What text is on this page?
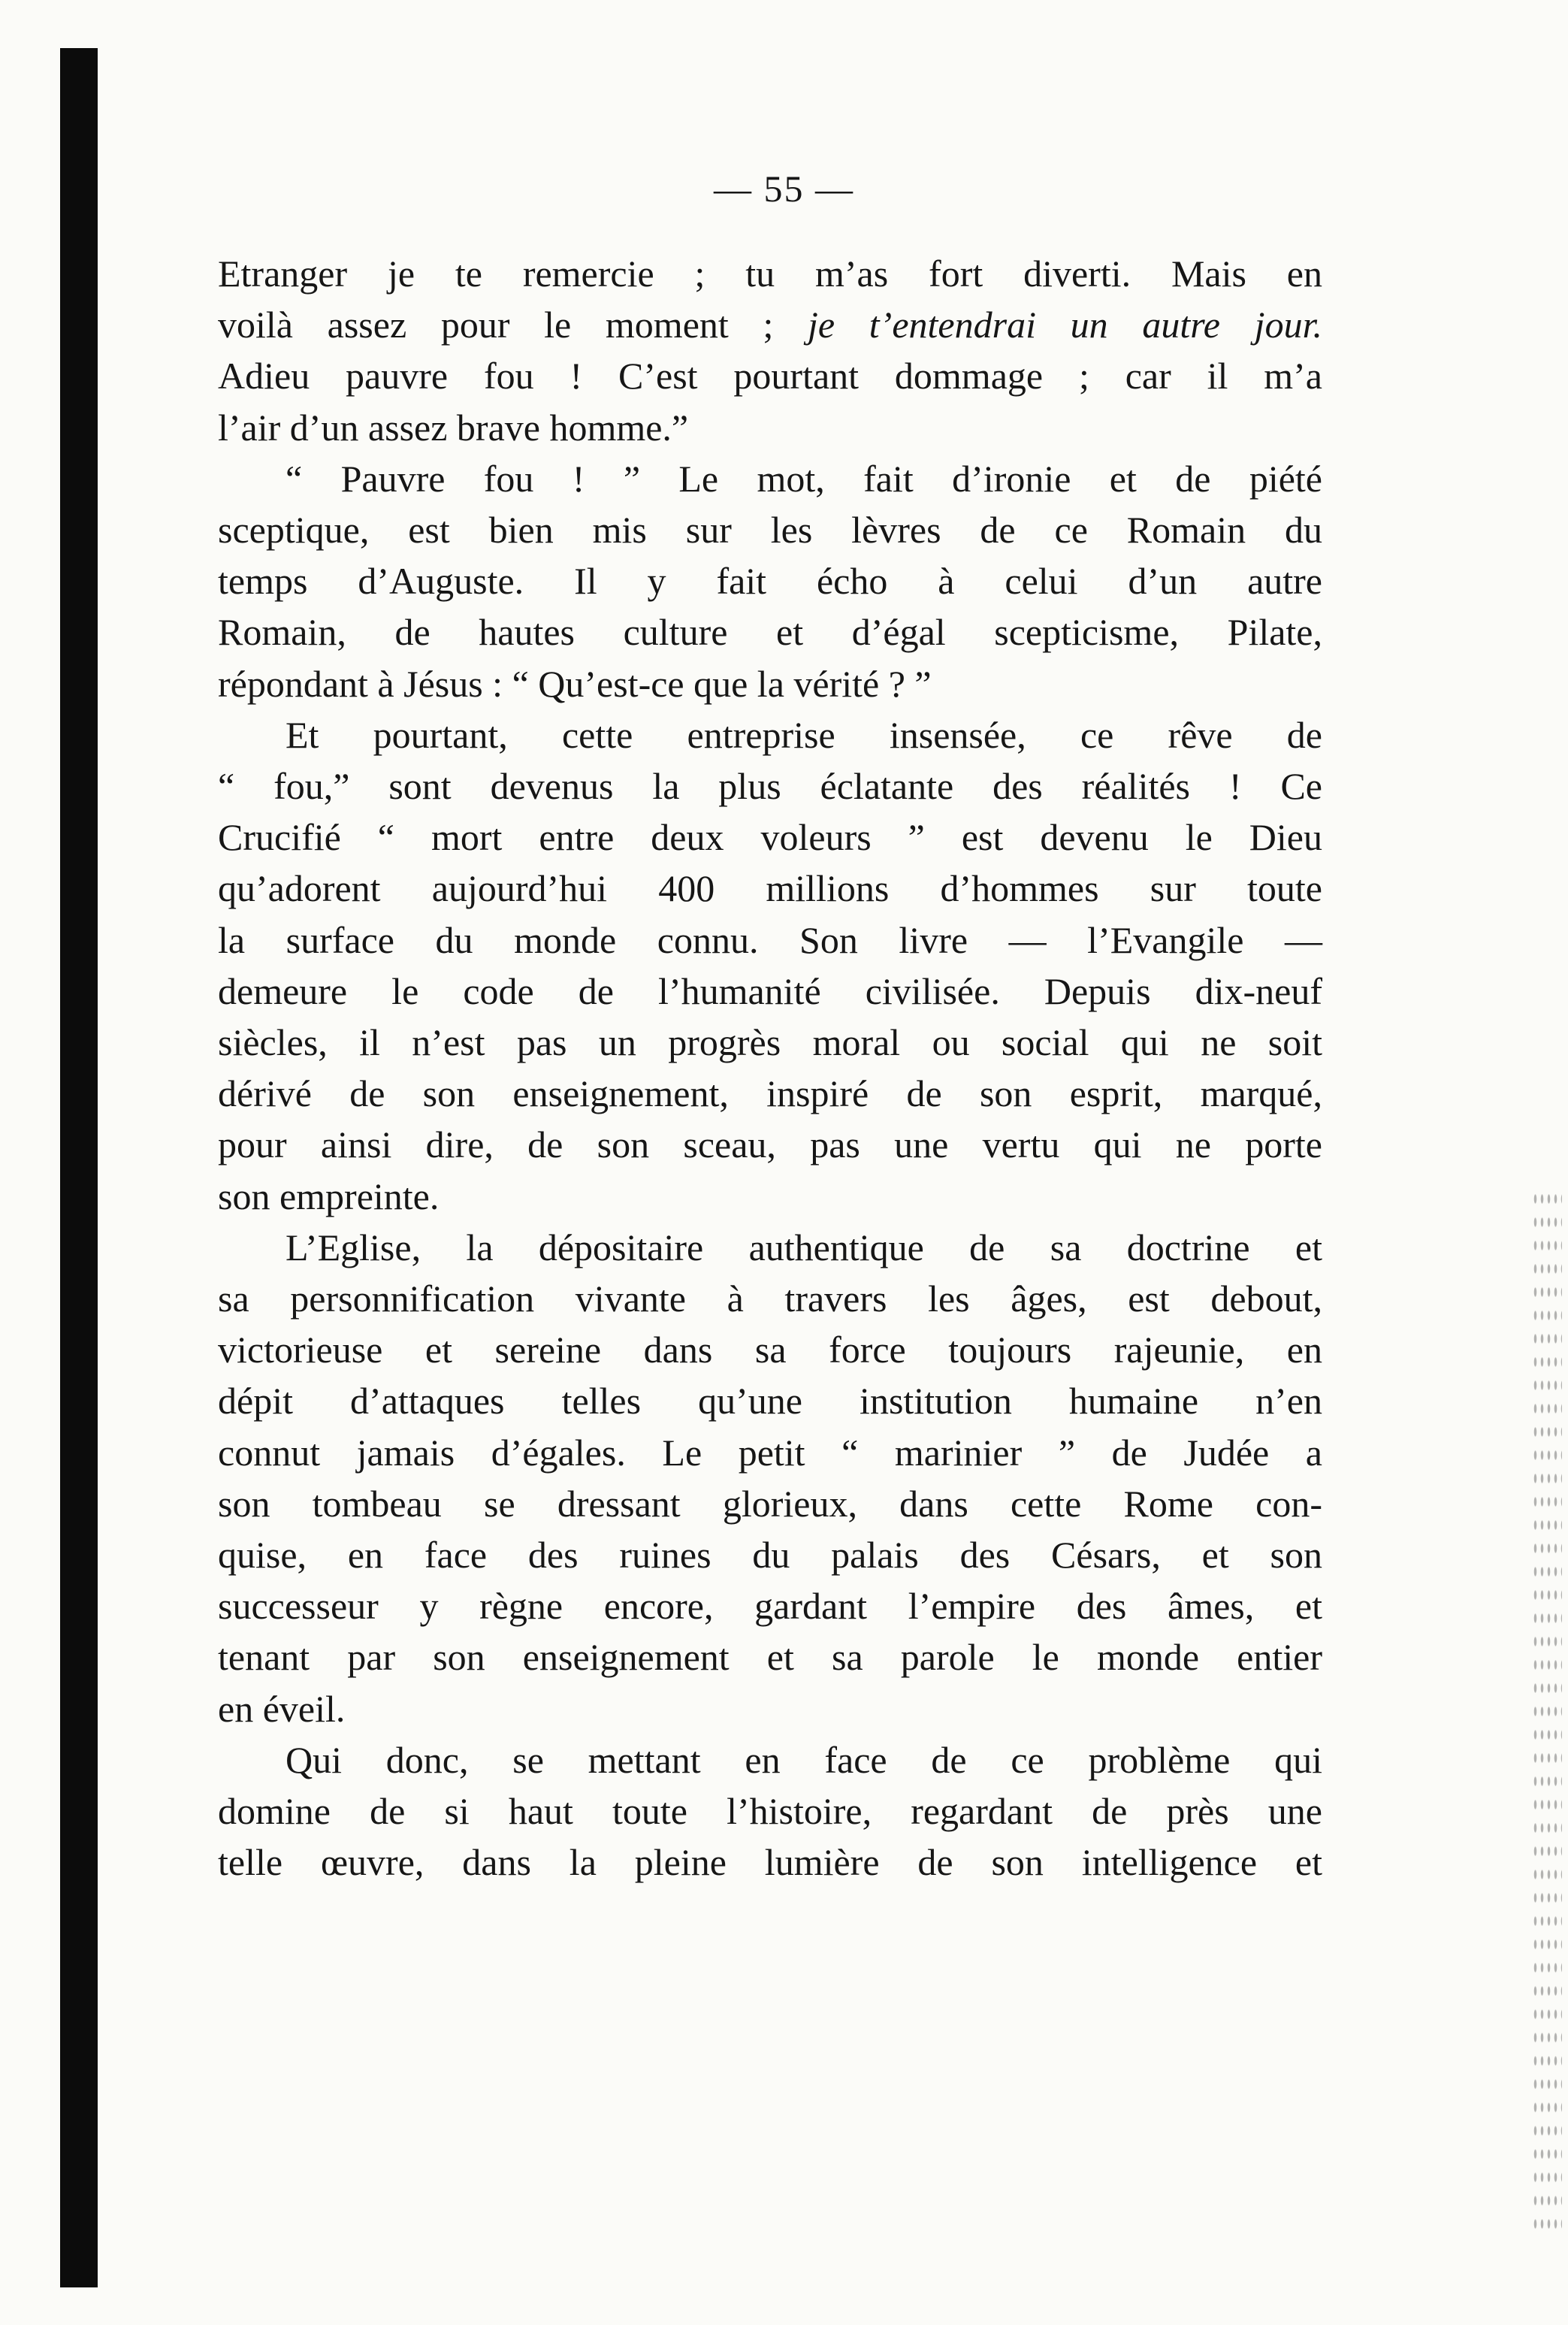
— 55 —

Etranger je te remercie ; tu m’as fort diverti. Mais en

voilà assez pour le moment ; je t’entendrai un autre jour.

Adieu pauvre fou ! C’est pourtant dommage ; car il m’a

l’air d’un assez brave homme.”

“ Pauvre fou ! ” Le mot, fait d’ironie et de piété

sceptique, est bien mis sur les lèvres de ce Romain du

temps d’Auguste. Il y fait écho à celui d’un autre

Romain, de hautes culture et d’égal scepticisme, Pilate,

répondant à Jésus : “ Qu’est-ce que la vérité ? ”

Et pourtant, cette entreprise insensée, ce rêve de

“ fou,” sont devenus la plus éclatante des réalités ! Ce

Crucifié “ mort entre deux voleurs ” est devenu le Dieu

qu’adorent aujourd’hui 400 millions d’hommes sur toute

la surface du monde connu. Son livre — l’Evangile —

demeure le code de l’humanité civilisée. Depuis dix-neuf

siècles, il n’est pas un progrès moral ou social qui ne soit

dérivé de son enseignement, inspiré de son esprit, marqué,

pour ainsi dire, de son sceau, pas une vertu qui ne porte

son empreinte.

L’Eglise, la dépositaire authentique de sa doctrine et

sa personnification vivante à travers les âges, est debout,

victorieuse et sereine dans sa force toujours rajeunie, en

dépit d’attaques telles qu’une institution humaine n’en

connut jamais d’égales. Le petit “ marinier ” de Judée a

son tombeau se dressant glorieux, dans cette Rome con-

quise, en face des ruines du palais des Césars, et son

successeur y règne encore, gardant l’empire des âmes, et

tenant par son enseignement et sa parole le monde entier

en éveil.

Qui donc, se mettant en face de ce problème qui

domine de si haut toute l’histoire, regardant de près une

telle œuvre, dans la pleine lumière de son intelligence et
